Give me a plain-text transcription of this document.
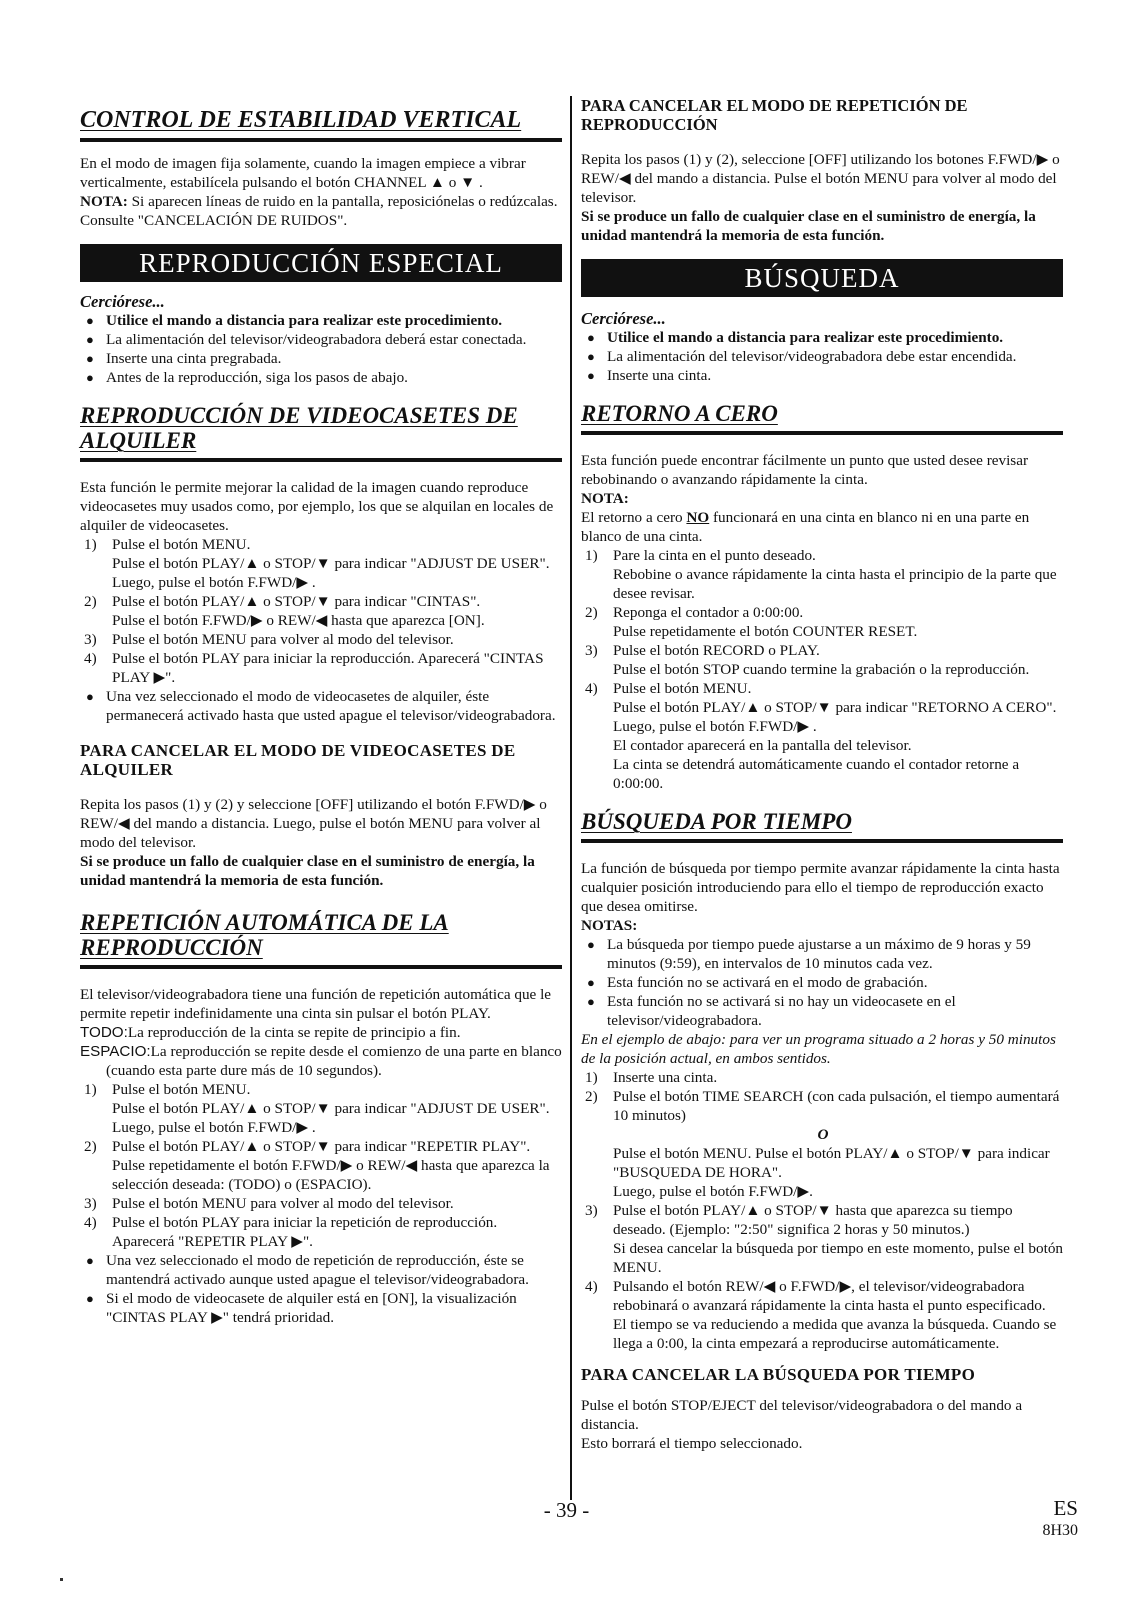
CONTROL DE ESTABILIDAD VERTICAL

En el modo de imagen fija solamente, cuando la imagen empiece a vibrar verticalmente, estabilícela pulsando el botón CHANNEL ▲ o ▼ .

NOTA: Si aparecen líneas de ruido en la pantalla, reposiciónelas o redúzcalas. Consulte "CANCELACIÓN DE RUIDOS".

REPRODUCCIÓN ESPECIAL

Cerciórese...

● Utilice el mando a distancia para realizar este procedimiento.
● La alimentación del televisor/videograbadora deberá estar conectada.
● Inserte una cinta pregrabada.
● Antes de la reproducción, siga los pasos de abajo.
REPRODUCCIÓN DE VIDEOCASETES DE ALQUILER

Esta función le permite mejorar la calidad de la imagen cuando reproduce videocasetes muy usados como, por ejemplo, los que se alquilan en locales de alquiler de videocasetes.

1) Pulse el botón MENU.
Pulse el botón PLAY/▲ o STOP/▼ para indicar "ADJUST DE USER".
Luego, pulse el botón F.FWD/▶ .
2) Pulse el botón PLAY/▲ o STOP/▼ para indicar "CINTAS".
Pulse el botón F.FWD/▶ o REW/◀ hasta que aparezca [ON].
3) Pulse el botón MENU para volver al modo del televisor.
4) Pulse el botón PLAY para iniciar la reproducción. Aparecerá "CINTAS PLAY ▶".
● Una vez seleccionado el modo de videocasetes de alquiler, éste permanecerá activado hasta que usted apague el televisor/videograbadora.
PARA CANCELAR EL MODO DE VIDEOCASETES DE ALQUILER

Repita los pasos (1) y (2) y seleccione [OFF] utilizando el botón F.FWD/▶ o REW/◀ del mando a distancia. Luego, pulse el botón MENU para volver al modo del televisor.

Si se produce un fallo de cualquier clase en el suministro de energía, la unidad mantendrá la memoria de esta función.

REPETICIÓN AUTOMÁTICA DE LA REPRODUCCIÓN

El televisor/videograbadora tiene una función de repetición automática que le permite repetir indefinidamente una cinta sin pulsar el botón PLAY.

TODO:La reproducción de la cinta se repite de principio a fin.

ESPACIO:La reproducción se repite desde el comienzo de una parte en blanco (cuando esta parte dure más de 10 segundos).

1) Pulse el botón MENU.
Pulse el botón PLAY/▲ o STOP/▼ para indicar "ADJUST DE USER".
Luego, pulse el botón F.FWD/▶ .
2) Pulse el botón PLAY/▲ o STOP/▼ para indicar "REPETIR PLAY".
Pulse repetidamente el botón F.FWD/▶ o REW/◀ hasta que aparezca la selección deseada: (TODO) o (ESPACIO).
3) Pulse el botón MENU para volver al modo del televisor.
4) Pulse el botón PLAY para iniciar la repetición de reproducción. Aparecerá "REPETIR PLAY ▶".
● Una vez seleccionado el modo de repetición de reproducción, éste se mantendrá activado aunque usted apague el televisor/videograbadora.
● Si el modo de videocasete de alquiler está en [ON], la visualización "CINTAS PLAY ▶" tendrá prioridad.
PARA CANCELAR EL MODO DE REPETICIÓN DE REPRODUCCIÓN

Repita los pasos (1) y (2), seleccione [OFF] utilizando los botones F.FWD/▶ o REW/◀ del mando a distancia. Pulse el botón MENU para volver al modo del televisor.

Si se produce un fallo de cualquier clase en el suministro de energía, la unidad mantendrá la memoria de esta función.

BÚSQUEDA

Cerciórese...

● Utilice el mando a distancia para realizar este procedimiento.
● La alimentación del televisor/videograbadora debe estar encendida.
● Inserte una cinta.
RETORNO A CERO

Esta función puede encontrar fácilmente un punto que usted desee revisar rebobinando o avanzando rápidamente la cinta.

NOTA:

El retorno a cero NO funcionará en una cinta en blanco ni en una parte en blanco de una cinta.

1) Pare la cinta en el punto deseado.
Rebobine o avance rápidamente la cinta hasta el principio de la parte que desee revisar.
2) Reponga el contador a 0:00:00.
Pulse repetidamente el botón COUNTER RESET.
3) Pulse el botón RECORD o PLAY.
Pulse el botón STOP cuando termine la grabación o la reproducción.
4) Pulse el botón MENU.
Pulse el botón PLAY/▲ o STOP/▼ para indicar "RETORNO A CERO".
Luego, pulse el botón F.FWD/▶ .
El contador aparecerá en la pantalla del televisor.
La cinta se detendrá automáticamente cuando el contador retorne a 0:00:00.
BÚSQUEDA POR TIEMPO

La función de búsqueda por tiempo permite avanzar rápidamente la cinta hasta cualquier posición introduciendo para ello el tiempo de reproducción exacto que desea omitirse.

NOTAS:

● La búsqueda por tiempo puede ajustarse a un máximo de 9 horas y 59 minutos (9:59), en intervalos de 10 minutos cada vez.
● Esta función no se activará en el modo de grabación.
● Esta función no se activará si no hay un videocasete en el televisor/videograbadora.

En el ejemplo de abajo: para ver un programa situado a 2 horas y 50 minutos de la posición actual, en ambos sentidos.

1) Inserte una cinta.
2) Pulse el botón TIME SEARCH (con cada pulsación, el tiempo aumentará 10 minutos)
O
Pulse el botón MENU. Pulse el botón PLAY/▲ o STOP/▼ para indicar "BUSQUEDA DE HORA".
Luego, pulse el botón F.FWD/▶.
3) Pulse el botón PLAY/▲ o STOP/▼ hasta que aparezca su tiempo deseado. (Ejemplo: "2:50" significa 2 horas y 50 minutos.)
Si desea cancelar la búsqueda por tiempo en este momento, pulse el botón MENU.
4) Pulsando el botón REW/◀ o F.FWD/▶, el televisor/videograbadora rebobinará o avanzará rápidamente la cinta hasta el punto especificado.
El tiempo se va reduciendo a medida que avanza la búsqueda. Cuando se llega a 0:00, la cinta empezará a reproducirse automáticamente.
PARA CANCELAR LA BÚSQUEDA POR TIEMPO

Pulse el botón STOP/EJECT del televisor/videograbadora o del mando a distancia.

Esto borrará el tiempo seleccionado.

- 39 -	ES
8H30
